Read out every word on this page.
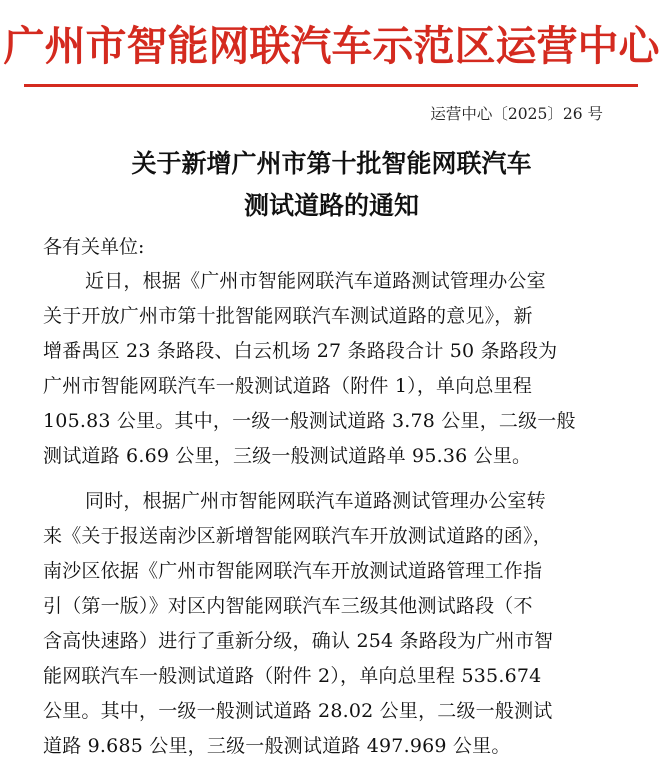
广州市智能网联汽车示范区运营中心
运营中心〔2025〕26 号
关于新增广州市第十批智能网联汽车
测试道路的通知
各有关单位:
近日，根据《广州市智能网联汽车道路测试管理办公室
关于开放广州市第十批智能网联汽车测试道路的意见》，新
增番禺区 23 条路段、白云机场 27 条路段合计 50 条路段为
广州市智能网联汽车一般测试道路（附件 1），单向总里程
105.83 公里。其中，一级一般测试道路 3.78 公里，二级一般
测试道路 6.69 公里，三级一般测试道路单 95.36 公里。
同时，根据广州市智能网联汽车道路测试管理办公室转
来《关于报送南沙区新增智能网联汽车开放测试道路的函》，
南沙区依据《广州市智能网联汽车开放测试道路管理工作指
引（第一版）》对区内智能网联汽车三级其他测试路段（不
含高快速路）进行了重新分级，确认 254 条路段为广州市智
能网联汽车一般测试道路（附件 2），单向总里程 535.674
公里。其中，一级一般测试道路 28.02 公里，二级一般测试
道路 9.685 公里，三级一般测试道路 497.969 公里。
